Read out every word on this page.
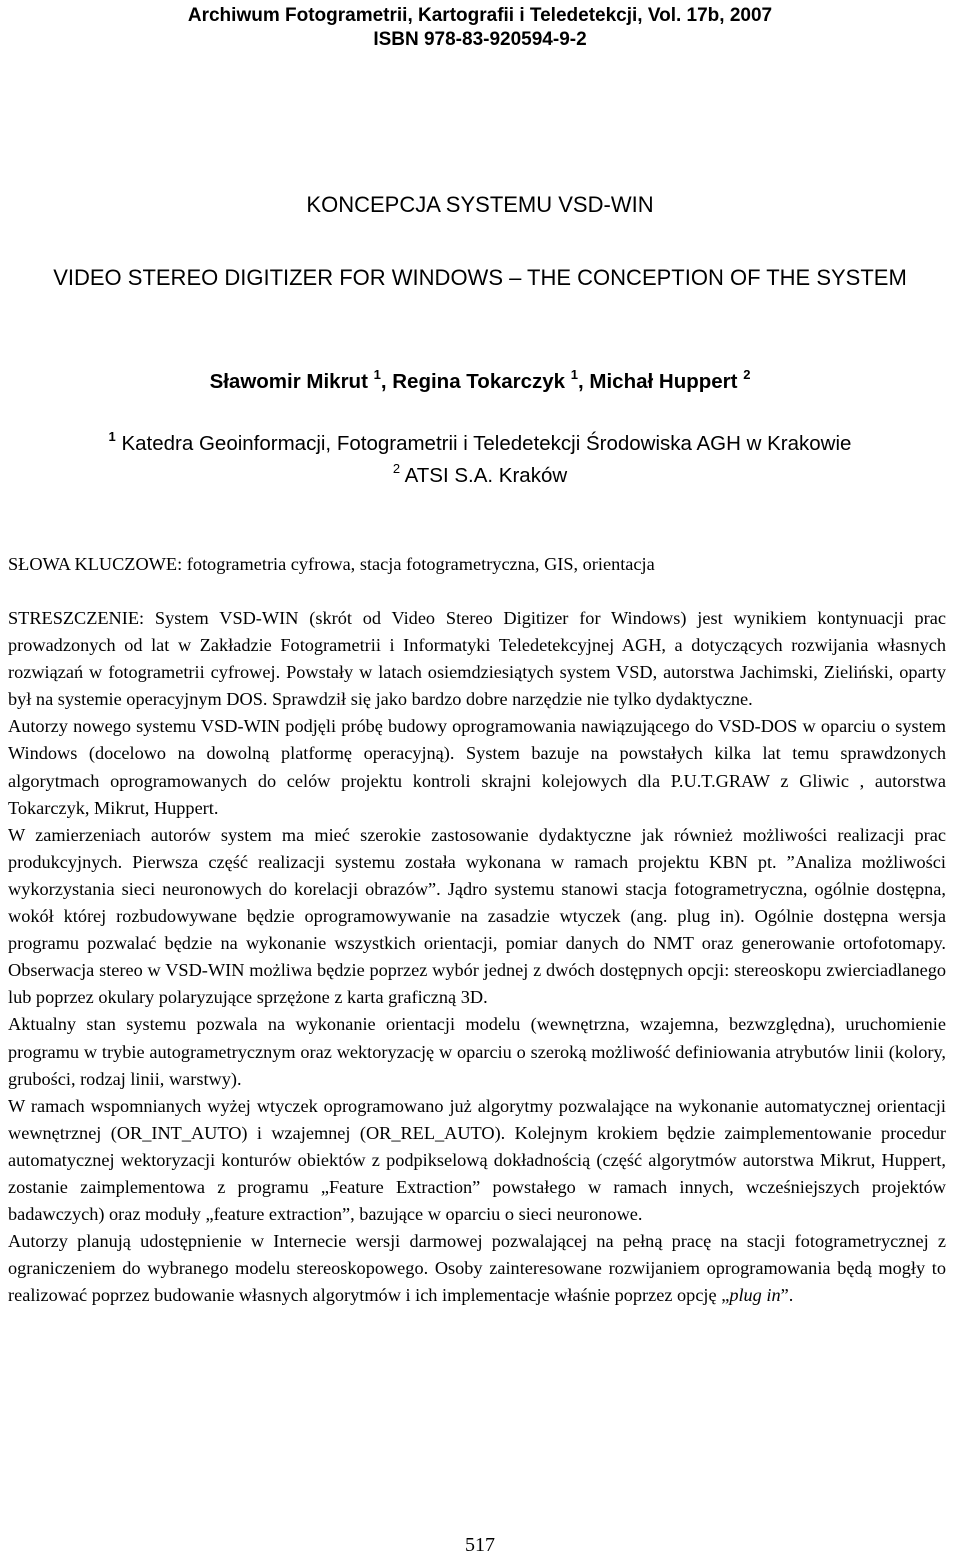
Archiwum Fotogrametrii, Kartografii i Teledetekcji, Vol. 17b, 2007
ISBN 978-83-920594-9-2
KONCEPCJA SYSTEMU VSD-WIN
VIDEO STEREO DIGITIZER FOR WINDOWS – THE CONCEPTION OF THE SYSTEM
Sławomir Mikrut $^1$, Regina Tokarczyk $^1$, Michał Huppert $^2$
$^1$ Katedra Geoinformacji, Fotogrametrii i Teledetekcji Środowiska AGH w Krakowie
$^2$ ATSI S.A. Kraków
SŁOWA KLUCZOWE: fotogrametria cyfrowa, stacja fotogrametryczna, GIS, orientacja

STRESZCZENIE: System VSD-WIN (skrót od Video Stereo Digitizer for Windows) jest wynikiem kontynuacji prac prowadzonych od lat w Zakładzie Fotogrametrii i Informatyki Teledetekcyjnej AGH, a dotyczących rozwijania własnych rozwiązań w fotogrametrii cyfrowej. Powstały w latach osiemdziesiątych system VSD, autorstwa Jachimski, Zieliński, oparty był na systemie operacyjnym DOS. Sprawdził się jako bardzo dobre narzędzie nie tylko dydaktyczne.

Autorzy nowego systemu VSD-WIN podjęli próbę budowy oprogramowania nawiązującego do VSD-DOS w oparciu o system Windows (docelowo na dowolną platformę operacyjną). System bazuje na powstałych kilka lat temu sprawdzonych algorytmach oprogramowanych do celów projektu kontroli skrajni kolejowych dla P.U.T.GRAW z Gliwic , autorstwa Tokarczyk, Mikrut, Huppert.

W zamierzeniach autorów system ma mieć szerokie zastosowanie dydaktyczne jak również możliwości realizacji prac produkcyjnych. Pierwsza część realizacji systemu została wykonana w ramach projektu KBN pt. ”Analiza możliwości wykorzystania sieci neuronowych do korelacji obrazów”. Jądro systemu stanowi stacja fotogrametryczna, ogólnie dostępna, wokół której rozbudowywane będzie oprogramowywanie na zasadzie wtyczek (ang. plug in). Ogólnie dostępna wersja programu pozwalać będzie na wykonanie wszystkich orientacji, pomiar danych do NMT oraz generowanie ortofotomapy. Obserwacja stereo w VSD-WIN możliwa będzie poprzez wybór jednej z dwóch dostępnych opcji: stereoskopu zwierciadlanego lub poprzez okulary polaryzujące sprzężone z karta graficzną 3D.

Aktualny stan systemu pozwala na wykonanie orientacji modelu (wewnętrzna, wzajemna, bezwzględna), uruchomienie programu w trybie autogrametrycznym oraz wektoryzację w oparciu o szeroką możliwość definiowania atrybutów linii (kolory, grubości, rodzaj linii, warstwy).

W ramach wspomnianych wyżej wtyczek oprogramowano już algorytmy pozwalające na wykonanie automatycznej orientacji wewnętrznej (OR_INT_AUTO) i wzajemnej (OR_REL_AUTO). Kolejnym krokiem będzie zaimplementowanie procedur automatycznej wektoryzacji konturów obiektów z podpikselową dokładnością (część algorytmów autorstwa Mikrut, Huppert, zostanie zaimplementowa z programu „Feature Extraction” powstałego w ramach innych, wcześniejszych projektów badawczych) oraz moduły „feature extraction”, bazujące w oparciu o sieci neuronowe.

Autorzy planują udostępnienie w Internecie wersji darmowej pozwalającej na pełną pracę na stacji fotogrametrycznej z ograniczeniem do wybranego modelu stereoskopowego. Osoby zainteresowane rozwijaniem oprogramowania będą mogły to realizować poprzez budowanie własnych algorytmów i ich implementacje właśnie poprzez opcję „plug in”.

517
